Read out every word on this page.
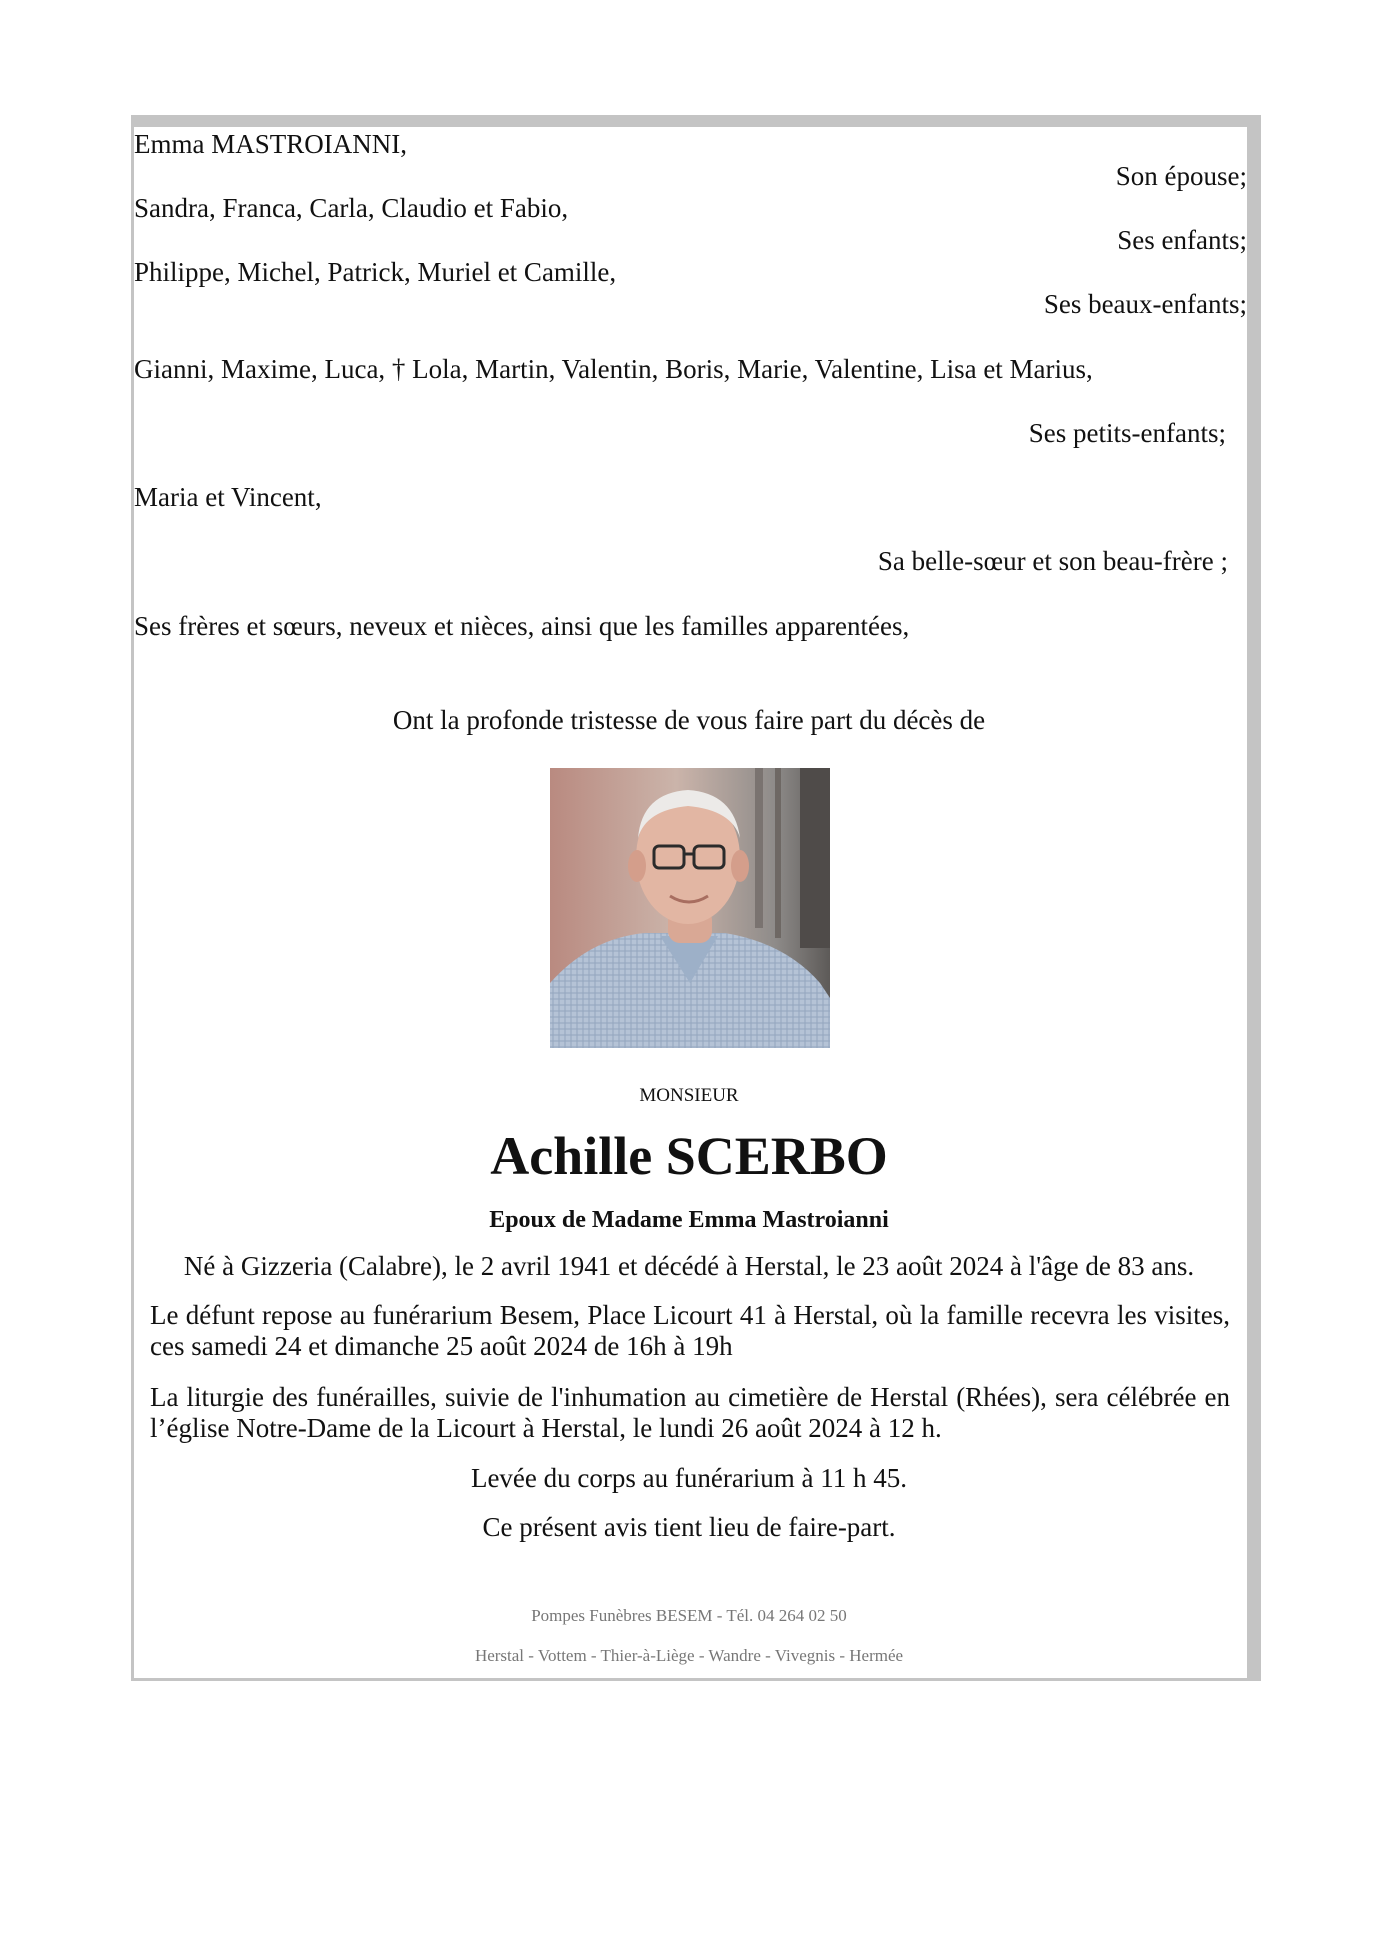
Emma MASTROIANNI,
Son épouse;
Sandra, Franca, Carla, Claudio et Fabio,
Ses enfants;
Philippe, Michel, Patrick, Muriel et Camille,
Ses beaux-enfants;
Gianni, Maxime, Luca, † Lola, Martin, Valentin, Boris, Marie, Valentine, Lisa et Marius,
Ses petits-enfants;
Maria et Vincent,
Sa belle-sœur et son beau-frère ;
Ses frères et sœurs, neveux et nièces, ainsi que les familles apparentées,
Ont la profonde tristesse de vous faire part du décès de
MONSIEUR
Achille SCERBO
Epoux de Madame Emma Mastroianni
Né à Gizzeria (Calabre), le 2 avril 1941 et décédé à Herstal, le 23 août 2024 à l'âge de 83 ans.
Le défunt repose au funérarium Besem, Place Licourt 41 à Herstal, où la famille recevra les visites, ces samedi 24 et dimanche 25 août 2024 de 16h à 19h
La liturgie des funérailles, suivie de l'inhumation au cimetière de Herstal (Rhées), sera célébrée en l’église Notre-Dame de la Licourt à Herstal, le lundi 26 août 2024 à 12 h.
Levée du corps au funérarium à 11 h 45.
Ce présent avis tient lieu de faire-part.
Pompes Funèbres BESEM - Tél. 04 264 02 50
Herstal - Vottem - Thier-à-Liège - Wandre - Vivegnis - Hermée
